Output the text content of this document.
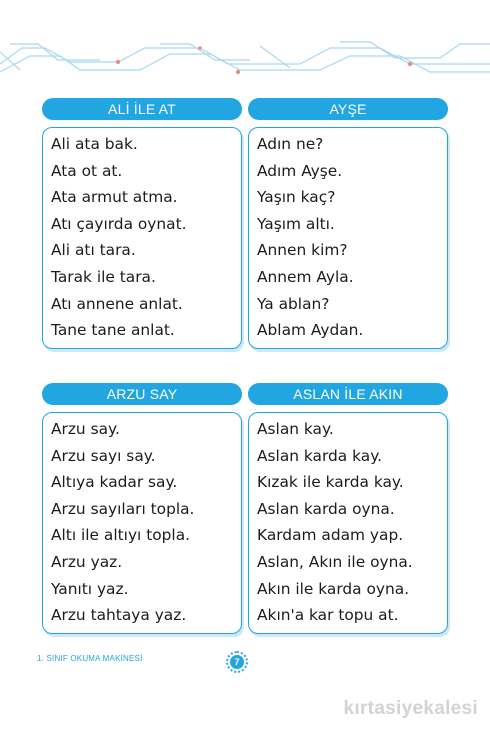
ALİ İLE AT
Ali ata bak.
Ata ot at.
Ata armut atma.
Atı çayırda oynat.
Ali atı tara.
Tarak ile tara.
Atı annene anlat.
Tane tane anlat.
AYŞE
Adın ne?
Adım Ayşe.
Yaşın kaç?
Yaşım altı.
Annen kim?
Annem Ayla.
Ya ablan?
Ablam Aydan.
ARZU SAY
Arzu say.
Arzu sayı say.
Altıya kadar say.
Arzu sayıları topla.
Altı ile altıyı topla.
Arzu yaz.
Yanıtı yaz.
Arzu tahtaya yaz.
ASLAN İLE AKIN
Aslan kay.
Aslan karda kay.
Kızak ile karda kay.
Aslan karda oyna.
Kardam adam yap.
Aslan, Akın ile oyna.
Akın ile karda oyna.
Akın'a kar topu at.
1. SINIF OKUMA MAKİNESİ	7
kırtasiyekalesi
